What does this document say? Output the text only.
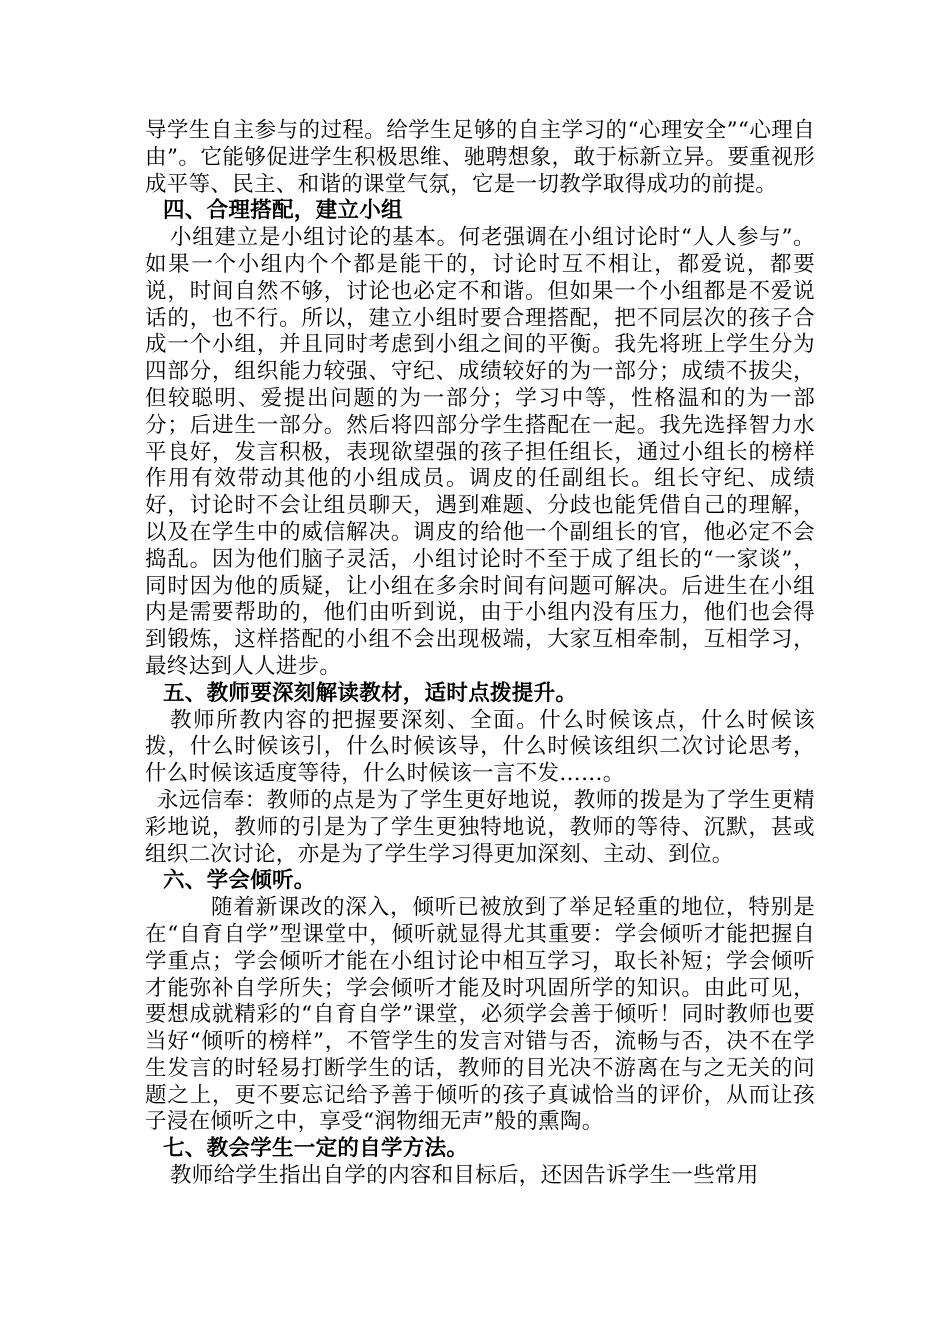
导学生自主参与的过程。给学生足够的自主学习的“心理安全”“心理自由”。它能够促进学生积极思维、驰聘想象，敢于标新立异。要重视形成平等、民主、和谐的课堂气氛，它是一切教学取得成功的前提。

四、合理搭配，建立小组

小组建立是小组讨论的基本。何老强调在小组讨论时“人人参与”。如果一个小组内个个都是能干的，讨论时互不相让，都爱说，都要说，时间自然不够，讨论也必定不和谐。但如果一个小组都是不爱说话的，也不行。所以，建立小组时要合理搭配，把不同层次的孩子合成一个小组，并且同时考虑到小组之间的平衡。我先将班上学生分为四部分，组织能力较强、守纪、成绩较好的为一部分；成绩不拔尖，但较聪明、爱提出问题的为一部分；学习中等，性格温和的为一部分；后进生一部分。然后将四部分学生搭配在一起。我先选择智力水平良好，发言积极，表现欲望强的孩子担任组长，通过小组长的榜样作用有效带动其他的小组成员。调皮的任副组长。组长守纪、成绩好，讨论时不会让组员聊天，遇到难题、分歧也能凭借自己的理解，以及在学生中的威信解决。调皮的给他一个副组长的官，他必定不会捣乱。因为他们脑子灵活，小组讨论时不至于成了组长的“一家谈”，同时因为他的质疑，让小组在多余时间有问题可解决。后进生在小组内是需要帮助的，他们由听到说，由于小组内没有压力，他们也会得到锻炼，这样搭配的小组不会出现极端，大家互相牵制，互相学习，最终达到人人进步。

五、教师要深刻解读教材，适时点拨提升。

教师所教内容的把握要深刻、全面。什么时候该点，什么时候该拨，什么时候该引，什么时候该导，什么时候该组织二次讨论思考，什么时候该适度等待，什么时候该一言不发……。

永远信奉：教师的点是为了学生更好地说，教师的拨是为了学生更精彩地说，教师的引是为了学生更独特地说，教师的等待、沉默，甚或组织二次讨论，亦是为了学生学习得更加深刻、主动、到位。

六、学会倾听。

随着新课改的深入，倾听已被放到了举足轻重的地位，特别是在“自育自学”型课堂中，倾听就显得尤其重要：学会倾听才能把握自学重点；学会倾听才能在小组讨论中相互学习，取长补短；学会倾听才能弥补自学所失；学会倾听才能及时巩固所学的知识。由此可见，要想成就精彩的“自育自学”课堂，必须学会善于倾听！同时教师也要当好“倾听的榜样”，不管学生的发言对错与否，流畅与否，决不在学生发言的时轻易打断学生的话，教师的目光决不游离在与之无关的问题之上，更不要忘记给予善于倾听的孩子真诚恰当的评价，从而让孩子浸在倾听之中，享受“润物细无声”般的熏陶。

七、教会学生一定的自学方法。

教师给学生指出自学的内容和目标后，还因告诉学生一些常用
